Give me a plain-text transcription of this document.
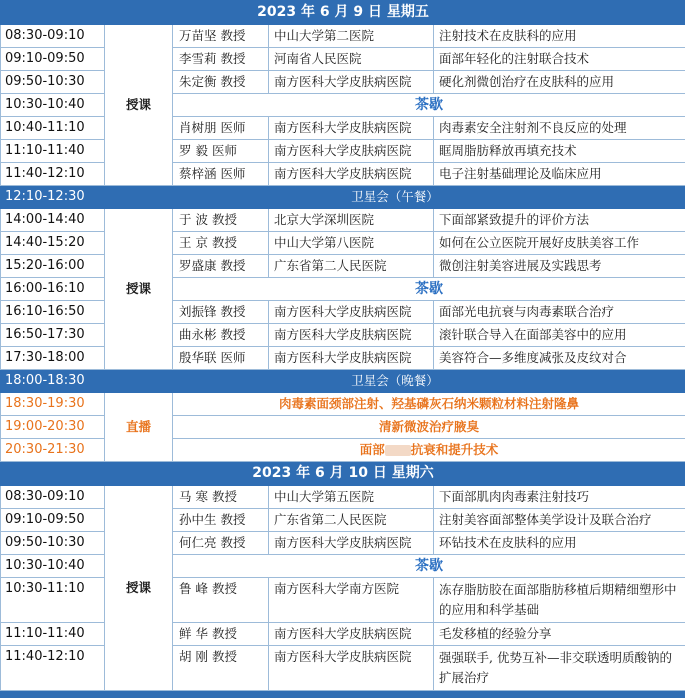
2023 年 6 月 9 日 星期五				
08:30-09:10	授课	万苗坚 教授	中山大学第二医院	注射技术在皮肤科的应用
09:10-09:50		李雪莉 教授	河南省人民医院	面部年轻化的注射联合技术
09:50-10:30		朱定衡 教授	南方医科大学皮肤病医院	硬化剂微创治疗在皮肤科的应用
10:30-10:40		茶歇		
10:40-11:10		肖树朋 医师	南方医科大学皮肤病医院	肉毒素安全注射剂不良反应的处理
11:10-11:40		罗 毅 医师	南方医科大学皮肤病医院	眶周脂肪释放再填充技术
11:40-12:10		蔡梓涵 医师	南方医科大学皮肤病医院	电子注射基础理论及临床应用
12:10-12:30	卫星会（午餐）			
14:00-14:40	授课	于 波 教授	北京大学深圳医院	下面部紧致提升的评价方法
14:40-15:20		王 京 教授	中山大学第八医院	如何在公立医院开展好皮肤美容工作
15:20-16:00		罗盛康 教授	广东省第二人民医院	微创注射美容进展及实践思考
16:00-16:10		茶歇		
16:10-16:50		刘振锋 教授	南方医科大学皮肤病医院	面部光电抗衰与肉毒素联合治疗
16:50-17:30		曲永彬 教授	南方医科大学皮肤病医院	滚针联合导入在面部美容中的应用
17:30-18:00		殷华联 医师	南方医科大学皮肤病医院	美容符合—多维度减张及皮纹对合
18:00-18:30	卫星会（晚餐）			
18:30-19:30	直播	肉毒素面颈部注射、羟基磷灰石纳米颗粒材料注射隆鼻		
19:00-20:30		清新微波治疗腋臭		
20:30-21:30		面部 抗衰和提升技术		
2023 年 6 月 10 日 星期六				
08:30-09:10	授课	马 寒 教授	中山大学第五医院	下面部肌肉肉毒素注射技巧
09:10-09:50		孙中生 教授	广东省第二人民医院	注射美容面部整体美学设计及联合治疗
09:50-10:30		何仁亮 教授	南方医科大学皮肤病医院	环钻技术在皮肤科的应用
10:30-10:40		茶歇		
10:30-11:10		鲁 峰 教授	南方医科大学南方医院	冻存脂肪胶在面部脂肪移植后期精细塑形中的应用和科学基础
11:10-11:40		鲜 华 教授	南方医科大学皮肤病医院	毛发移植的经验分享
11:40-12:10		胡 刚 教授	南方医科大学皮肤病医院	强强联手, 优势互补—非交联透明质酸钠的扩展治疗
